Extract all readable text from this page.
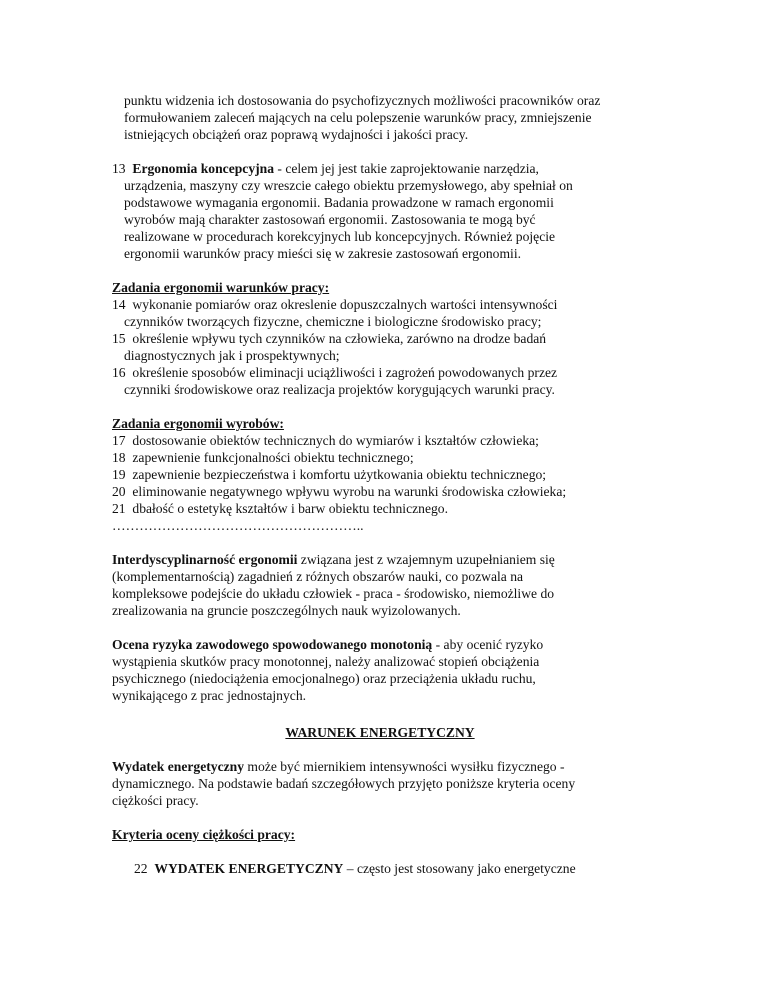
punktu widzenia ich dostosowania do psychofizycznych możliwości pracowników oraz
formułowaniem zaleceń mających na celu polepszenie warunków pracy, zmniejszenie
istniejących obciążeń oraz poprawą wydajności i jakości pracy.
13 Ergonomia koncepcyjna - celem jej jest takie zaprojektowanie narzędzia,
urządzenia, maszyny czy wreszcie całego obiektu przemysłowego, aby spełniał on
podstawowe wymagania ergonomii. Badania prowadzone w ramach ergonomii
wyrobów mają charakter zastosowań ergonomii. Zastosowania te mogą być
realizowane w procedurach korekcyjnych lub koncepcyjnych. Również pojęcie
ergonomii warunków pracy mieści się w zakresie zastosowań ergonomii.
Zadania ergonomii warunków pracy:
14 wykonanie pomiarów oraz okreslenie dopuszczalnych wartości intensywności
czynników tworzących fizyczne, chemiczne i biologiczne środowisko pracy;
15 określenie wpływu tych czynników na człowieka, zarówno na drodze badań
diagnostycznych jak i prospektywnych;
16 określenie sposobów eliminacji uciążliwości i zagrożeń powodowanych przez
czynniki środowiskowe oraz realizacja projektów korygujących warunki pracy.
Zadania ergonomii wyrobów:
17 dostosowanie obiektów technicznych do wymiarów i kształtów człowieka;
18 zapewnienie funkcjonalności obiektu technicznego;
19 zapewnienie bezpieczeństwa i komfortu użytkowania obiektu technicznego;
20 eliminowanie negatywnego wpływu wyrobu na warunki środowiska człowieka;
21 dbałość o estetykę kształtów i barw obiektu technicznego.
………………………………………………..
Interdyscyplinarność ergonomii związana jest z wzajemnym uzupełnianiem się
(komplementarnością) zagadnień z różnych obszarów nauki, co pozwala na
kompleksowe podejście do układu człowiek - praca - środowisko, niemożliwe do
zrealizowania na gruncie poszczególnych nauk wyizolowanych.
Ocena ryzyka zawodowego spowodowanego monotonią - aby ocenić ryzyko
wystąpienia skutków pracy monotonnej, należy analizować stopień obciążenia
psychicznego (niedociążenia emocjonalnego) oraz przeciążenia układu ruchu,
wynikającego z prac jednostajnych.
WARUNEK ENERGETYCZNY
Wydatek energetyczny może być miernikiem intensywności wysiłku fizycznego -
dynamicznego. Na podstawie badań szczegółowych przyjęto poniższe kryteria oceny
ciężkości pracy.
Kryteria oceny ciężkości pracy:
22 WYDATEK ENERGETYCZNY – często jest stosowany jako energetyczne
